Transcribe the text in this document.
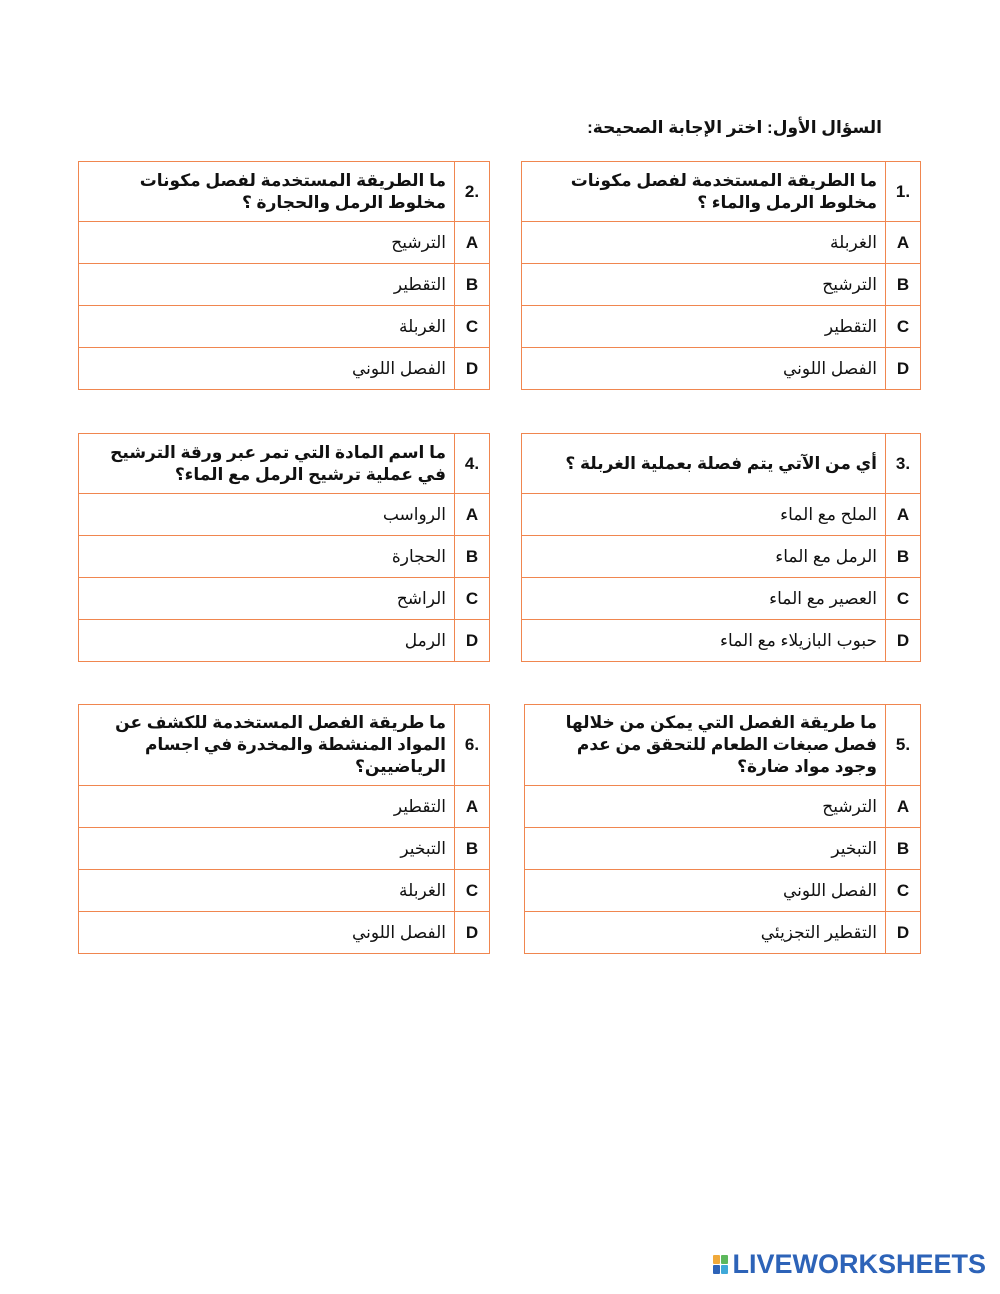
السؤال الأول: اختر الإجابة الصحيحة:
1.	ما الطريقة المستخدمة لفصل مكونات مخلوط الرمل والماء ؟
A	الغربلة
B	الترشيح
C	التقطير
D	الفصل اللوني
2.	ما الطريقة المستخدمة لفصل مكونات مخلوط الرمل والحجارة ؟
A	الترشيح
B	التقطير
C	الغربلة
D	الفصل اللوني
3.	أي من الآتي يتم فصلة بعملية الغربلة ؟
A	الملح مع الماء
B	الرمل مع الماء
C	العصير مع الماء
D	حبوب البازيلاء مع الماء
4.	ما اسم المادة التي تمر عبر ورقة الترشيح في عملية ترشيح الرمل مع الماء؟
A	الرواسب
B	الحجارة
C	الراشح
D	الرمل
5.	ما طريقة الفصل التي يمكن من خلالها فصل صبغات الطعام للتحقق من عدم وجود مواد ضارة؟
A	الترشيح
B	التبخير
C	الفصل اللوني
D	التقطير التجزيئي
6.	ما طريقة الفصل المستخدمة للكشف عن المواد المنشطة والمخدرة في اجسام الرياضيين؟
A	التقطير
B	التبخير
C	الغربلة
D	الفصل اللوني
LIVEWORKSHEETS
